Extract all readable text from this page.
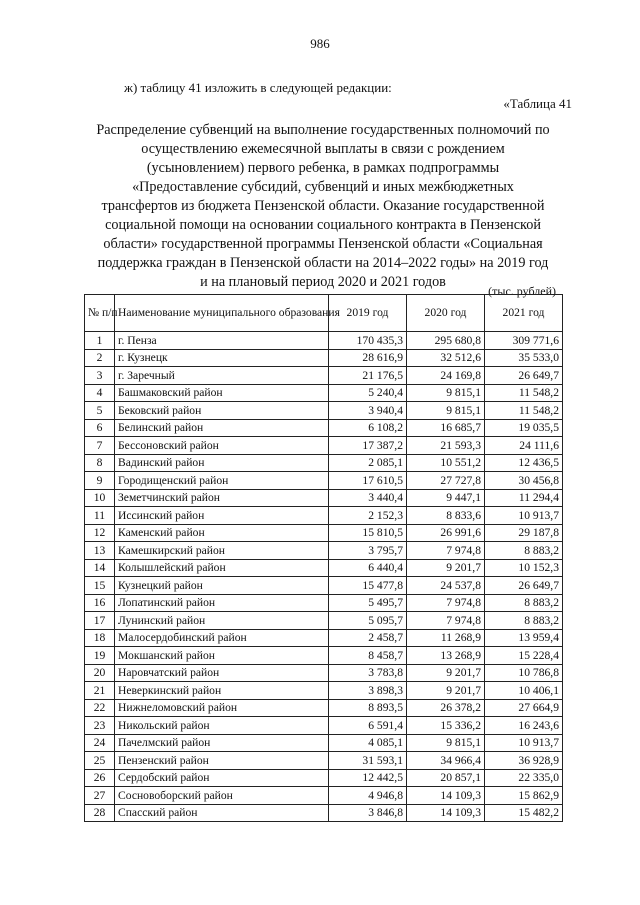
986
ж) таблицу 41 изложить в следующей редакции:
«Таблица 41
Распределение субвенций на выполнение государственных полномочий по
осуществлению ежемесячной выплаты в связи с рождением
(усыновлением) первого ребенка, в рамках подпрограммы
«Предоставление субсидий, субвенций и иных межбюджетных
трансфертов из бюджета Пензенской области. Оказание государственной
социальной помощи на основании социального контракта в Пензенской
области» государственной программы Пензенской области «Социальная
поддержка граждан в Пензенской области на 2014–2022 годы» на 2019 год
и на плановый период 2020 и 2021 годов
(тыс. рублей)
№ п/п	Наименование муниципального образования	2019 год	2020 год	2021 год
1	г. Пенза	170 435,3	295 680,8	309 771,6
2	г. Кузнецк	28 616,9	32 512,6	35 533,0
3	г. Заречный	21 176,5	24 169,8	26 649,7
4	Башмаковский район	5 240,4	9 815,1	11 548,2
5	Бековский район	3 940,4	9 815,1	11 548,2
6	Белинский район	6 108,2	16 685,7	19 035,5
7	Бессоновский район	17 387,2	21 593,3	24 111,6
8	Вадинский район	2 085,1	10 551,2	12 436,5
9	Городищенский район	17 610,5	27 727,8	30 456,8
10	Земетчинский район	3 440,4	9 447,1	11 294,4
11	Иссинский район	2 152,3	8 833,6	10 913,7
12	Каменский район	15 810,5	26 991,6	29 187,8
13	Камешкирский район	3 795,7	7 974,8	8 883,2
14	Колышлейский район	6 440,4	9 201,7	10 152,3
15	Кузнецкий район	15 477,8	24 537,8	26 649,7
16	Лопатинский район	5 495,7	7 974,8	8 883,2
17	Лунинский район	5 095,7	7 974,8	8 883,2
18	Малосердобинский район	2 458,7	11 268,9	13 959,4
19	Мокшанский район	8 458,7	13 268,9	15 228,4
20	Наровчатский район	3 783,8	9 201,7	10 786,8
21	Неверкинский район	3 898,3	9 201,7	10 406,1
22	Нижнеломовский район	8 893,5	26 378,2	27 664,9
23	Никольский район	6 591,4	15 336,2	16 243,6
24	Пачелмский район	4 085,1	9 815,1	10 913,7
25	Пензенский район	31 593,1	34 966,4	36 928,9
26	Сердобский район	12 442,5	20 857,1	22 335,0
27	Сосновоборский район	4 946,8	14 109,3	15 862,9
28	Спасский район	3 846,8	14 109,3	15 482,2
